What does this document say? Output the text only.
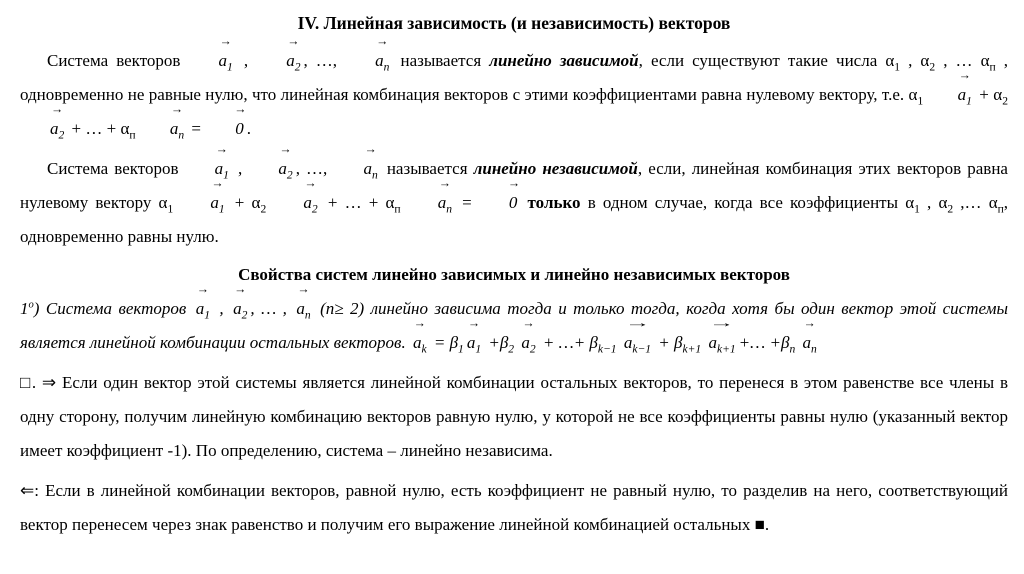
IV. Линейная зависимость (и независимость) векторов

Система векторов
→
$a_1$ ,
→
$a_2$ , …,
→
$a_n$ называется линейно зависимой, если существуют такие числа $\alpha_1$ , $\alpha_2$ , … $\alpha_п$ , одновременно не равные нулю, что линейная комбинация векторов с этими коэффициентами равна нулевому вектору, т.е. $\alpha_1$
→
$a_1 + \alpha_2$
→
$a_2$ + … + $\alpha_п$
→
$a_n$ =
→
0 .

Система векторов
→
$a_1$ ,
→
$a_2$ , …,
→
$a_n$ называется линейно независимой, если, линейная комбинация этих векторов равна нулевому вектору $\alpha_1$
→
$a_1 + \alpha_2$
→
$a_2$ + … + $\alpha_п$
→
$a_n$ =
→
0 только в одном случае, когда все коэффициенты $\alpha_1$ , $\alpha_2$ ,… $\alpha_п$, одновременно равны нулю.

Свойства систем линейно зависимых и линейно независимых векторов

$1^о$) Система векторов
→
$a_1$ ,
→
$a_2$ , … ,
→
$a_n$ (n≥ 2) линейно зависима тогда и только тогда, когда хотя бы один вектор этой системы является линейной комбинации остальных векторов.
→
$a_k = \beta_1$
→
$a_1 +\beta_2$
→
$a_2$ + …+ $\beta_{k-1}$
→
$a_{k-1} + \beta_{k+1}$
→
$a_{k+1}$ +… $+\beta_n$
→
$a_n$

□. ⇒ Если один вектор этой системы является линейной комбинации остальных векторов, то перенеся в этом равенстве все члены в одну сторону, получим линейную комбинацию векторов равную нулю, у которой не все коэффициенты равны нулю (указанный вектор имеет коэффициент -1). По определению, система – линейно независима.

⇐: Если в линейной комбинации векторов, равной нулю, есть коэффициент не равный нулю, то разделив на него, соответствующий вектор перенесем через знак равенство и получим его выражение линейной комбинацией остальных ■.
